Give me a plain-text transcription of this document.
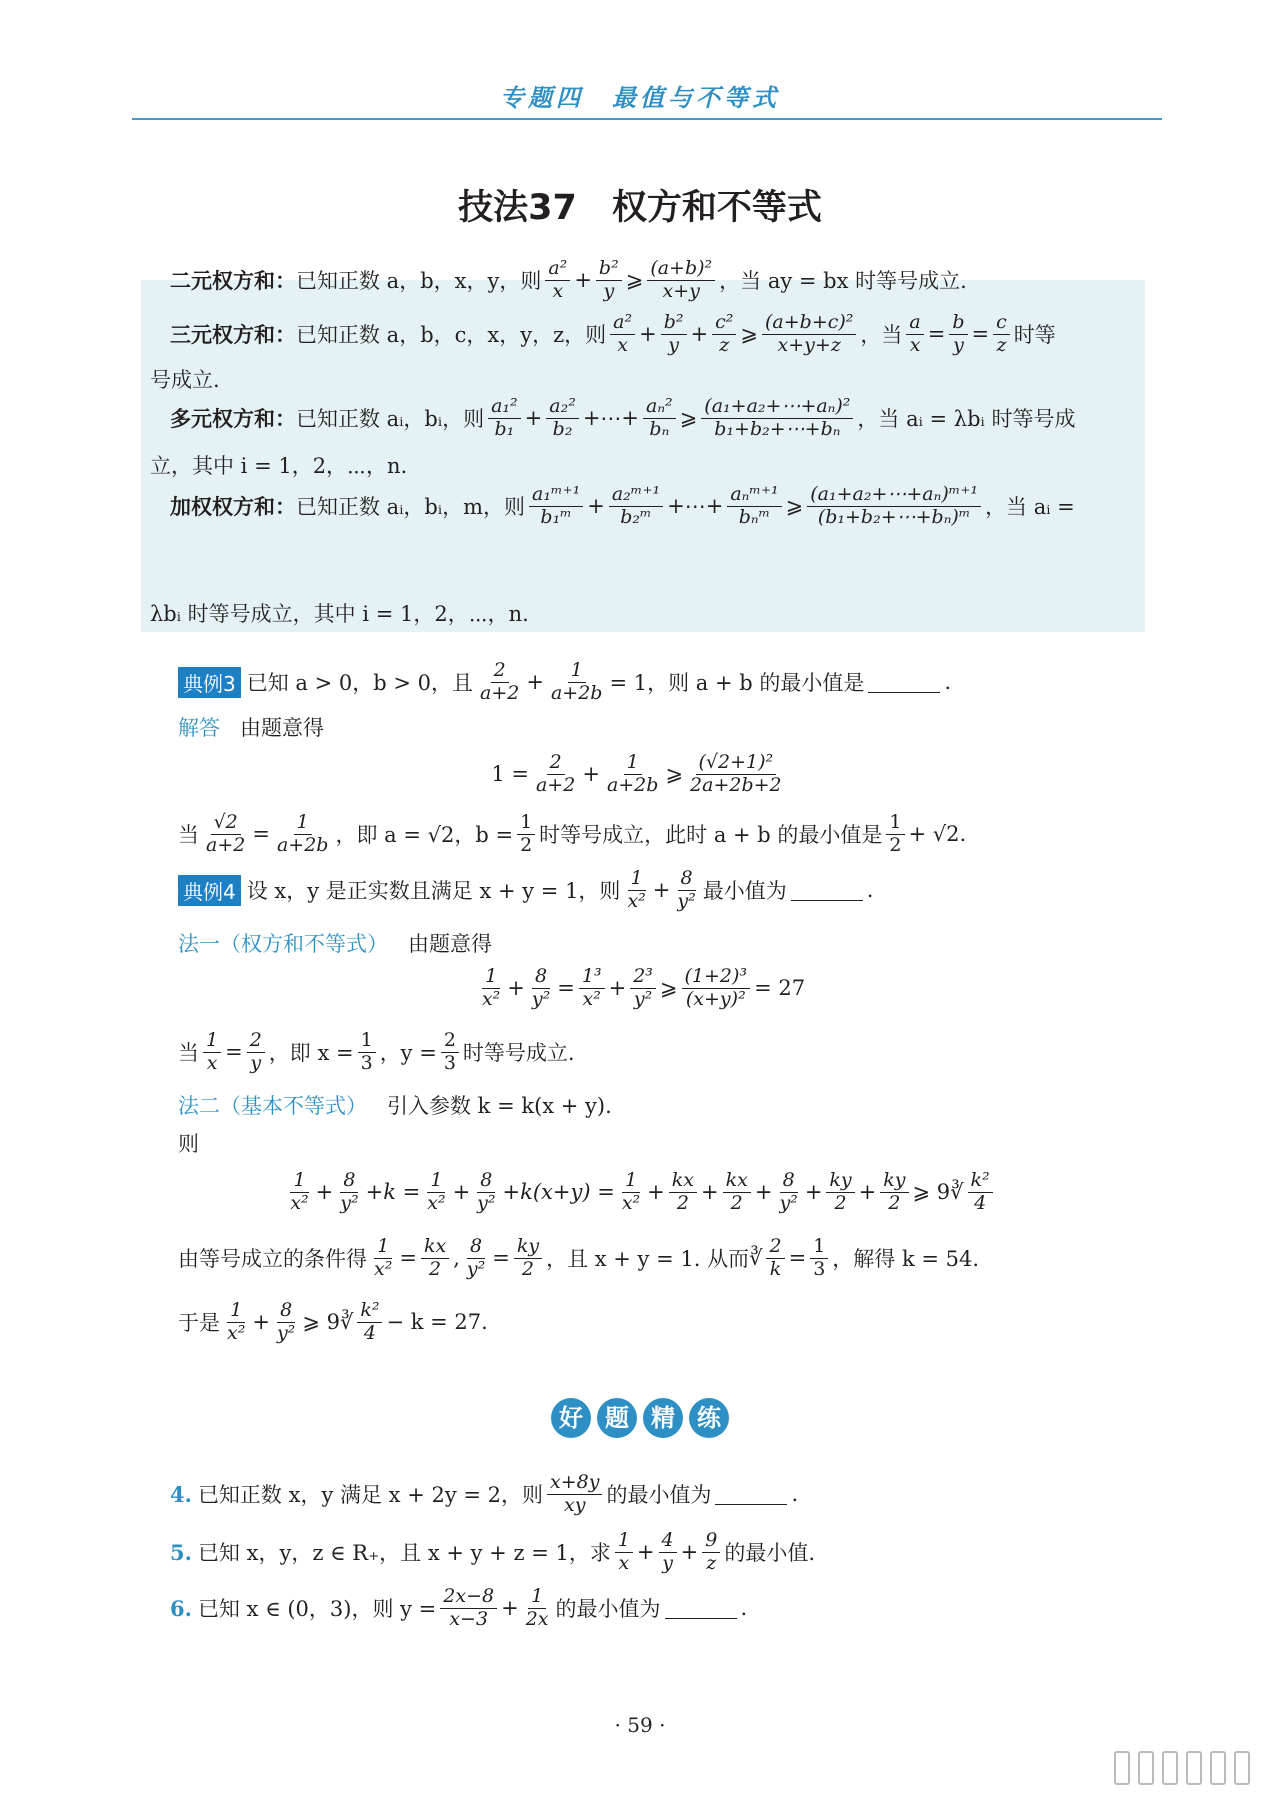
专题四　最值与不等式
技法37　权方和不等式
二元权方和： 已知正数 a，b，x，y，则 $\frac{\text{a²}}{x} + \frac{\text{b²}}{y}$ ⩾ $\frac{\text{(a+b)²}}{x+y}$ ，当 ay = bx 时等号成立.
三元权方和： 已知正数 a，b，c，x，y，z，则 $\frac{\text{a²}}{x} + \frac{\text{b²}}{y} + \frac{\text{c²}}{z}$ ⩾ $\frac{\text{(a+b+c)²}}{x+y+z}$ ，当 $\frac{a}{x} = \frac{b}{y} = \frac{c}{z}$ 时等
号成立.
多元权方和： 已知正数 aᵢ，bᵢ，则 $\frac{\text{a₁²}}{\text{b₁}} + \frac{\text{a₂²}}{\text{b₂}}$ +⋯+ $\frac{\text{aₙ²}}{\text{bₙ}}$ ⩾ $\frac{\text{(a₁+a₂+⋯+aₙ)²}}{\text{b₁+b₂+⋯+bₙ}}$ ，当 aᵢ = λbᵢ 时等号成
立，其中 i = 1，2，⋯，n.
加权权方和： 已知正数 aᵢ，bᵢ，m，则 $\frac{\text{a₁ᵐ⁺¹}}{\text{b₁ᵐ}} + \frac{\text{a₂ᵐ⁺¹}}{\text{b₂ᵐ}}$ +⋯+ $\frac{\text{aₙᵐ⁺¹}}{\text{bₙᵐ}}$ ⩾ $\frac{\text{(a₁+a₂+⋯+aₙ)ᵐ⁺¹}}{\text{(b₁+b₂+⋯+bₙ)ᵐ}}$ ，当 aᵢ =
λbᵢ 时等号成立，其中 i = 1，2，⋯，n.
典例3 已知 a > 0，b > 0，且 $\frac{2}{a+2} + \frac{1}{a+2b} = 1$，则 a + b 的最小值是	.
解答 由题意得
$1 = \frac{2}{a+2} + \frac{1}{a+2b}$ ⩾ $\frac{\text{(√2+1)²}}{2a+2b+2}$
当 $\frac{√2}{a+2} = \frac{1}{a+2b}$ ，即 a = √2，$b = \frac{1}{2}$ 时等号成立，此时 a + b 的最小值是 $\frac{1}{2} + √2$.
典例4 设 x，y 是正实数且满足 x + y = 1，则 $\frac{1}{\text{x²}} + \frac{8}{\text{y²}}$ 最小值为	.
法一（权方和不等式） 由题意得
$\frac{1}{\text{x²}} + \frac{8}{\text{y²}} = \frac{\text{1³}}{\text{x²}} + \frac{\text{2³}}{\text{y²}}$ ⩾ $\frac{\text{(1+2)³}}{\text{(x+y)²}} = 27$
当 $\frac{1}{x} = \frac{2}{y}$ ，即 $x = \frac{1}{3}$ ，$y = \frac{2}{3}$ 时等号成立.
法二（基本不等式） 引入参数 k = k(x + y).
则
$\frac{1}{\text{x²}} + \frac{8}{\text{y²}} +k = \frac{1}{\text{x²}} + \frac{8}{\text{y²}} +k(x+y) = \frac{1}{\text{x²}} + \frac{kx}{2} + \frac{kx}{2} + \frac{8}{\text{y²}} + \frac{ky}{2} + \frac{ky}{2}$ ⩾ 9∛ $\frac{\text{k²}}{4}$
由等号成立的条件得 $\frac{1}{\text{x²}} = \frac{kx}{2}$ , $\frac{8}{\text{y²}} = \frac{ky}{2}$ ，且 x + y = 1. 从而 ∛ $\frac{2}{k} = \frac{1}{3}$ ，解得 k = 54.
于是 $\frac{1}{\text{x²}} + \frac{8}{\text{y²}}$ ⩾ 9∛ $\frac{\text{k²}}{4} - k = 27$.
好 题 精 练
4. 已知正数 x，y 满足 x + 2y = 2，则 $\frac{x+8y}{xy}$ 的最小值为	.
5. 已知 x，y，z ∈ R₊，且 x + y + z = 1，求 $\frac{1}{x} + \frac{4}{y} + \frac{9}{z}$ 的最小值.
6. 已知 x ∈ (0，3)，则 $y = \frac{2x-8}{x-3} + \frac{1}{2x}$ 的最小值为	.
· 59 ·
